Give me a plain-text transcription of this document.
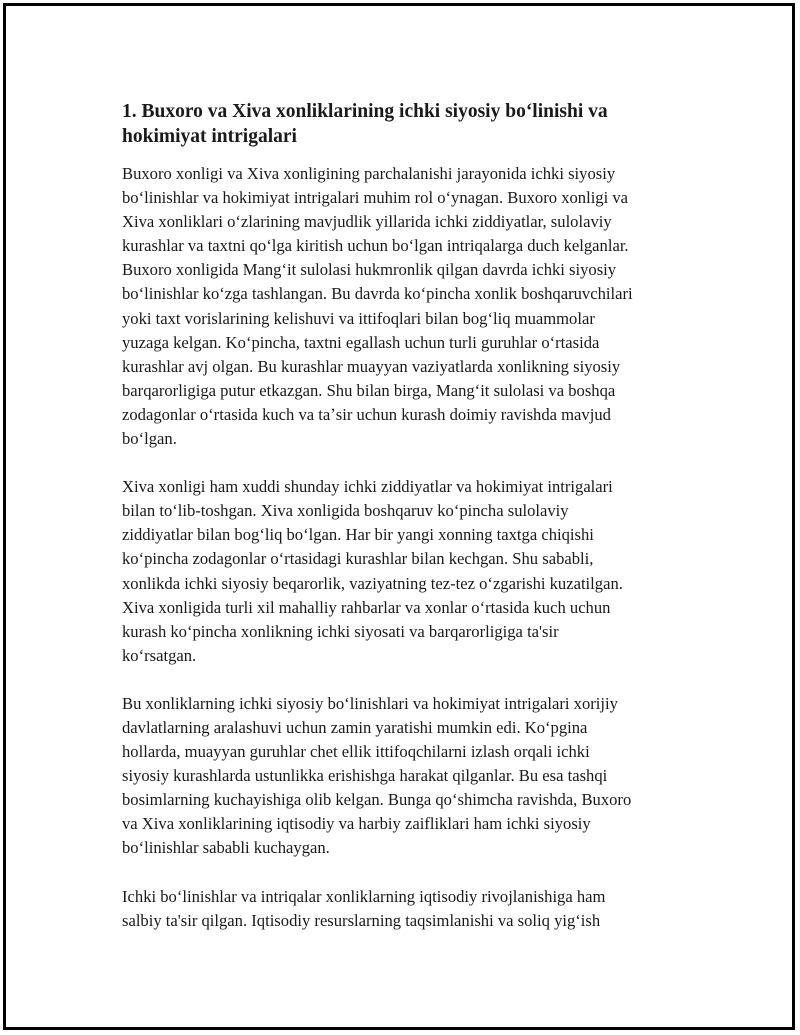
1. Buxoro va Xiva xonliklarining ichki siyosiy boʻlinishi va
hokimiyat intrigalari

Buxoro xonligi va Xiva xonligining parchalanishi jarayonida ichki siyosiy
boʻlinishlar va hokimiyat intrigalari muhim rol oʻynagan. Buxoro xonligi va
Xiva xonliklari oʻzlarining mavjudlik yillarida ichki ziddiyatlar, sulolaviy
kurashlar va taxtni qoʻlga kiritish uchun boʻlgan intriqalarga duch kelganlar.
Buxoro xonligida Mangʻit sulolasi hukmronlik qilgan davrda ichki siyosiy
boʻlinishlar koʻzga tashlangan. Bu davrda koʻpincha xonlik boshqaruvchilari
yoki taxt vorislarining kelishuvi va ittifoqlari bilan bogʻliq muammolar
yuzaga kelgan. Koʻpincha, taxtni egallash uchun turli guruhlar oʻrtasida
kurashlar avj olgan. Bu kurashlar muayyan vaziyatlarda xonlikning siyosiy
barqarorligiga putur etkazgan. Shu bilan birga, Mangʻit sulolasi va boshqa
zodagonlar oʻrtasida kuch va taʼsir uchun kurash doimiy ravishda mavjud
boʻlgan.

Xiva xonligi ham xuddi shunday ichki ziddiyatlar va hokimiyat intrigalari
bilan toʻlib-toshgan. Xiva xonligida boshqaruv koʻpincha sulolaviy
ziddiyatlar bilan bogʻliq boʻlgan. Har bir yangi xonning taxtga chiqishi
koʻpincha zodagonlar oʻrtasidagi kurashlar bilan kechgan. Shu sababli,
xonlikda ichki siyosiy beqarorlik, vaziyatning tez-tez oʻzgarishi kuzatilgan.
Xiva xonligida turli xil mahalliy rahbarlar va xonlar oʻrtasida kuch uchun
kurash koʻpincha xonlikning ichki siyosati va barqarorligiga ta'sir
koʻrsatgan.

Bu xonliklarning ichki siyosiy boʻlinishlari va hokimiyat intrigalari xorijiy
davlatlarning aralashuvi uchun zamin yaratishi mumkin edi. Koʻpgina
hollarda, muayyan guruhlar chet ellik ittifoqchilarni izlash orqali ichki
siyosiy kurashlarda ustunlikka erishishga harakat qilganlar. Bu esa tashqi
bosimlarning kuchayishiga olib kelgan. Bunga qoʻshimcha ravishda, Buxoro
va Xiva xonliklarining iqtisodiy va harbiy zaifliklari ham ichki siyosiy
boʻlinishlar sababli kuchaygan.

Ichki boʻlinishlar va intriqalar xonliklarning iqtisodiy rivojlanishiga ham
salbiy ta'sir qilgan. Iqtisodiy resurslarning taqsimlanishi va soliq yigʻish
